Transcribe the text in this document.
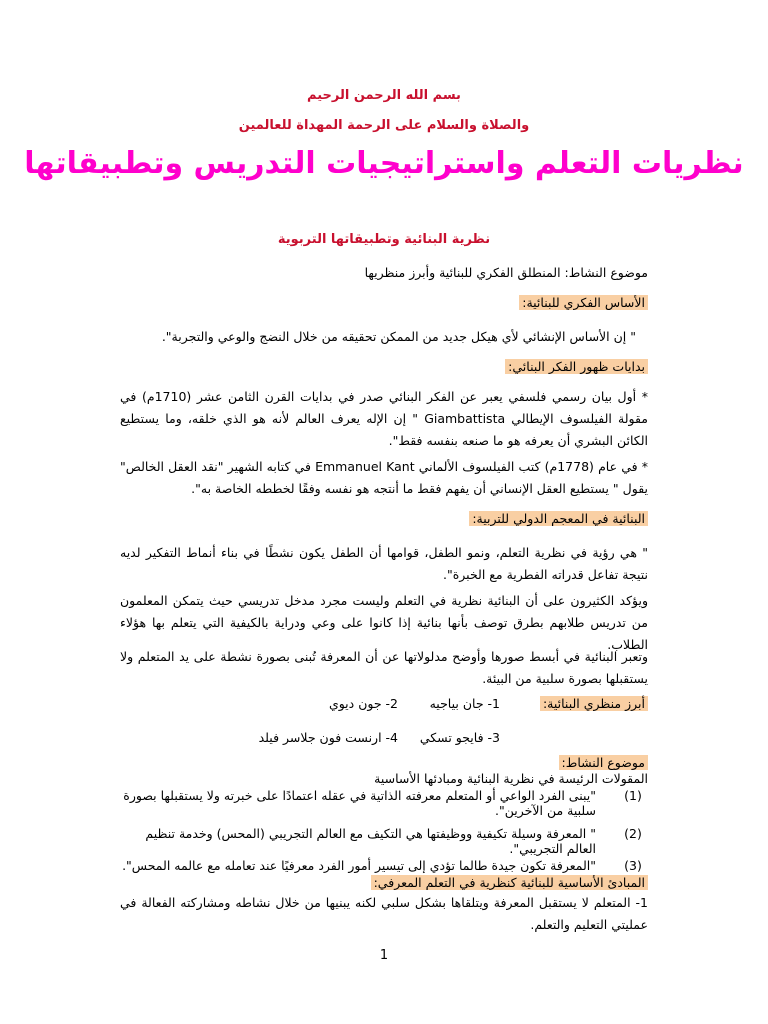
بسم الله الرحمن الرحيم
والصلاة والسلام على الرحمة المهداة للعالمين
نظريات التعلم واستراتيجيات التدريس وتطبيقاتها
نظرية البنائية وتطبيقاتها التربوية
موضوع النشاط: المنطلق الفكري للبنائية وأبرز منظريها
الأساس الفكري للبنائية:
" إن الأساس الإنشائي لأي هيكل جديد من الممكن تحقيقه من خلال النضج والوعي والتجربة".
بدايات ظهور الفكر البنائي:
* أول بيان رسمي فلسفي يعبر عن الفكر البنائي صدر في بدايات القرن الثامن عشر (1710م) في مقولة الفيلسوف الإيطالي Giambattista " إن الإله يعرف العالم لأنه هو الذي خلقه، وما يستطيع الكائن البشري أن يعرفه هو ما صنعه بنفسه فقط".
* في عام (1778م) كتب الفيلسوف الألماني Emmanuel Kant في كتابه الشهير "نقد العقل الخالص" يقول " يستطيع العقل الإنساني أن يفهم فقط ما أنتجه هو نفسه وفقًا لخططه الخاصة به".
البنائية في المعجم الدولي للتربية:
" هي رؤية في نظرية التعلم، ونمو الطفل، قوامها أن الطفل يكون نشطًا في بناء أنماط التفكير لديه نتيجة تفاعل قدراته الفطرية مع الخبرة".
ويؤكد الكثيرون على أن البنائية نظرية في التعلم وليست مجرد مدخل تدريسي حيث يتمكن المعلمون من تدريس طلابهم بطرق توصف بأنها بنائية إذا كانوا على وعي ودراية بالكيفية التي يتعلم بها هؤلاء الطلاب.
وتعبر البنائية في أبسط صورها وأوضح مدلولاتها عن أن المعرفة تُبنى بصورة نشطة على يد المتعلم ولا يستقبلها بصورة سلبية من البيئة.
أبرز منظري البنائية:
1- جان بياجيه
2- جون ديوي
3- فايجو تسكي
4- ارنست فون جلاسر فيلد
موضوع النشاط:
المقولات الرئيسة في نظرية البنائية ومبادئها الأساسية
(1)
"يبنى الفرد الواعي أو المتعلم معرفته الذاتية في عقله اعتمادًا على خبرته ولا يستقبلها بصورة سلبية من الآخرين".
(2)
" المعرفة وسيلة تكيفية ووظيفتها هي التكيف مع العالم التجريبي (المحس) وخدمة تنظيم العالم التجريبي".
(3)
"المعرفة تكون جيدة طالما تؤدي إلى تيسير أمور الفرد معرفيًا عند تعامله مع عالمه المحس".
المبادئ الأساسية للبنائية كنظرية في التعلم المعرفي:
1- المتعلم لا يستقبل المعرفة ويتلقاها بشكل سلبي لكنه يبنيها من خلال نشاطه ومشاركته الفعالة في عمليتي التعليم والتعلم.
1
